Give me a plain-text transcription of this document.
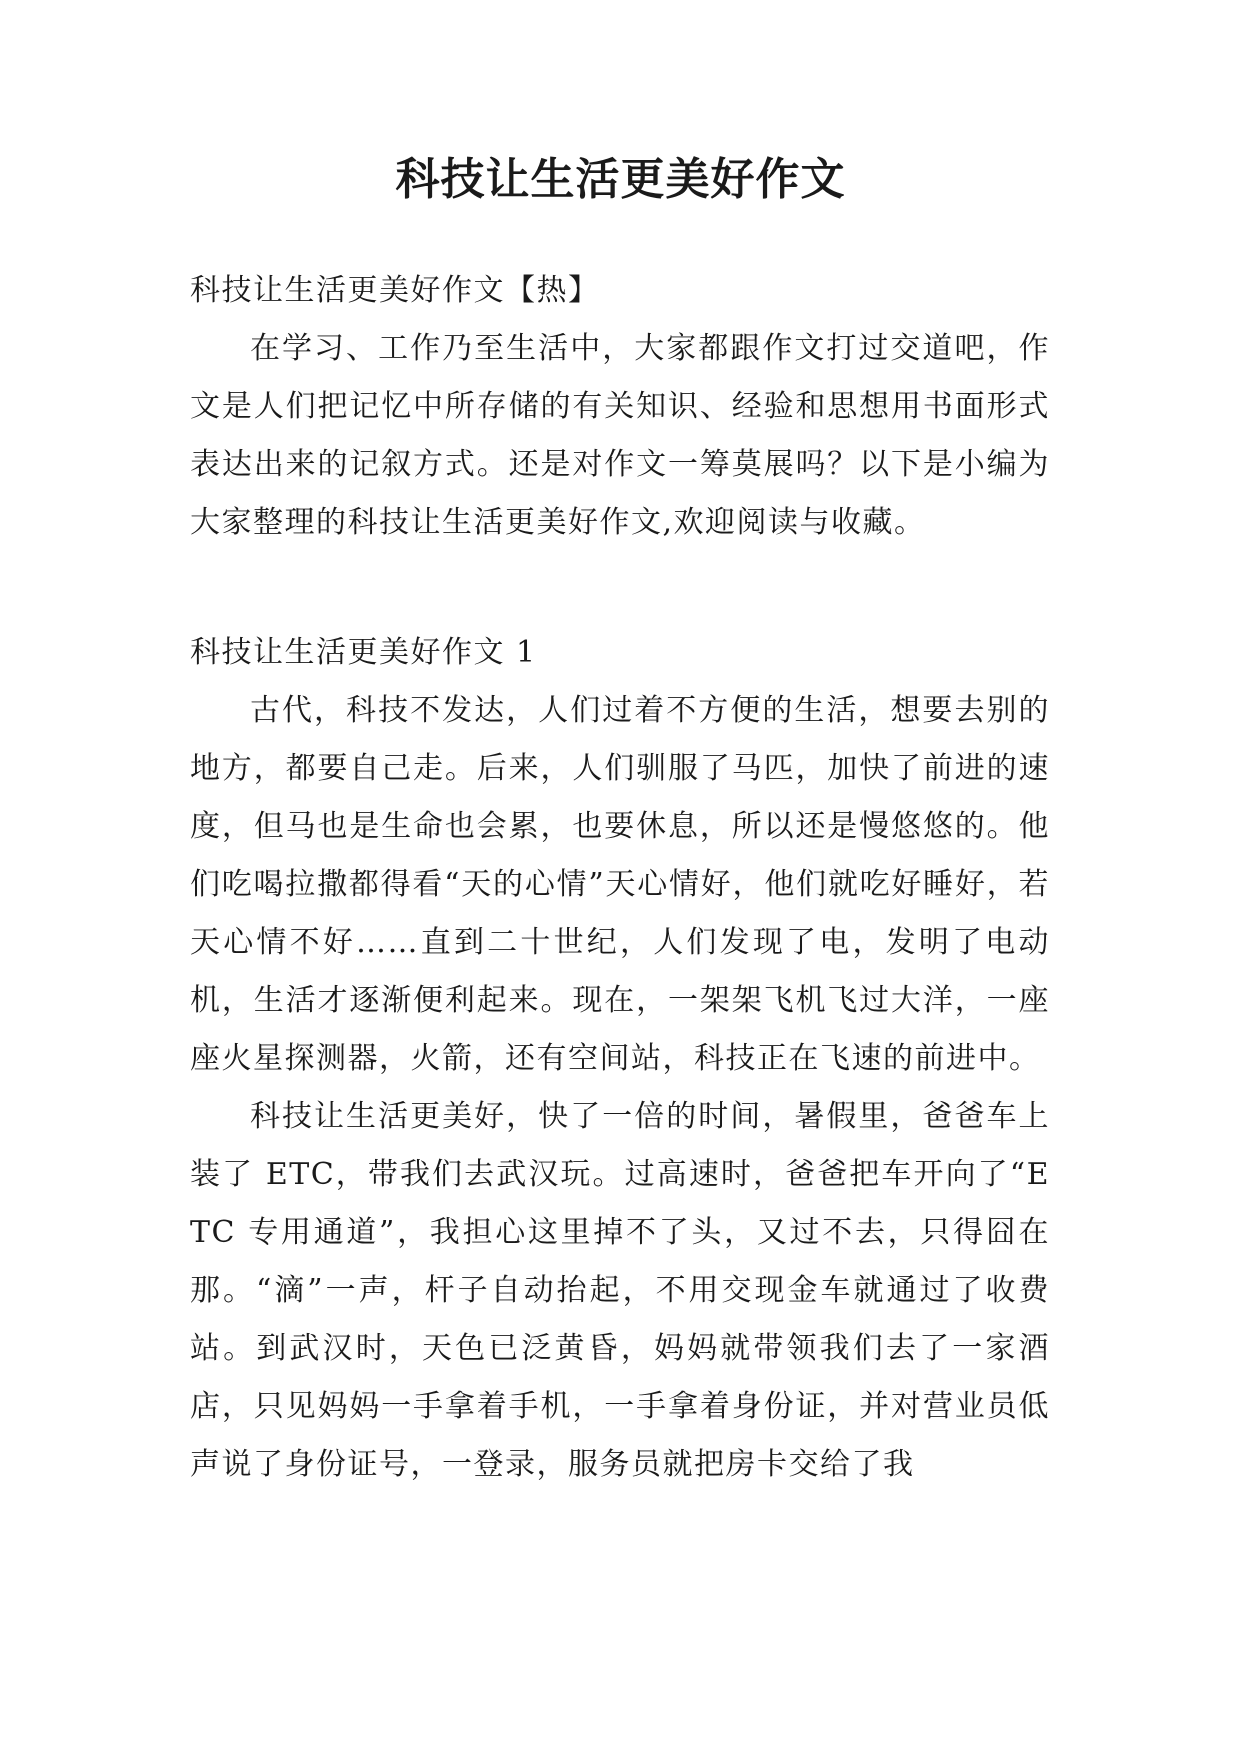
科技让生活更美好作文

科技让生活更美好作文【热】

在学习、工作乃至生活中，大家都跟作文打过交道吧，作文是人们把记忆中所存储的有关知识、经验和思想用书面形式表达出来的记叙方式。还是对作文一筹莫展吗？以下是小编为大家整理的科技让生活更美好作文,欢迎阅读与收藏。

科技让生活更美好作文 1

古代，科技不发达，人们过着不方便的生活，想要去别的地方，都要自己走。后来，人们驯服了马匹，加快了前进的速度，但马也是生命也会累，也要休息，所以还是慢悠悠的。他们吃喝拉撒都得看“天的心情”天心情好，他们就吃好睡好，若天心情不好……直到二十世纪，人们发现了电，发明了电动机，生活才逐渐便利起来。现在，一架架飞机飞过大洋，一座座火星探测器，火箭，还有空间站，科技正在飞速的前进中。

科技让生活更美好，快了一倍的时间，暑假里，爸爸车上装了 ETC，带我们去武汉玩。过高速时，爸爸把车开向了“ETC 专用通道”，我担心这里掉不了头，又过不去，只得囧在那。“滴”一声，杆子自动抬起，不用交现金车就通过了收费站。到武汉时，天色已泛黄昏，妈妈就带领我们去了一家酒店，只见妈妈一手拿着手机，一手拿着身份证，并对营业员低声说了身份证号，一登录，服务员就把房卡交给了我
